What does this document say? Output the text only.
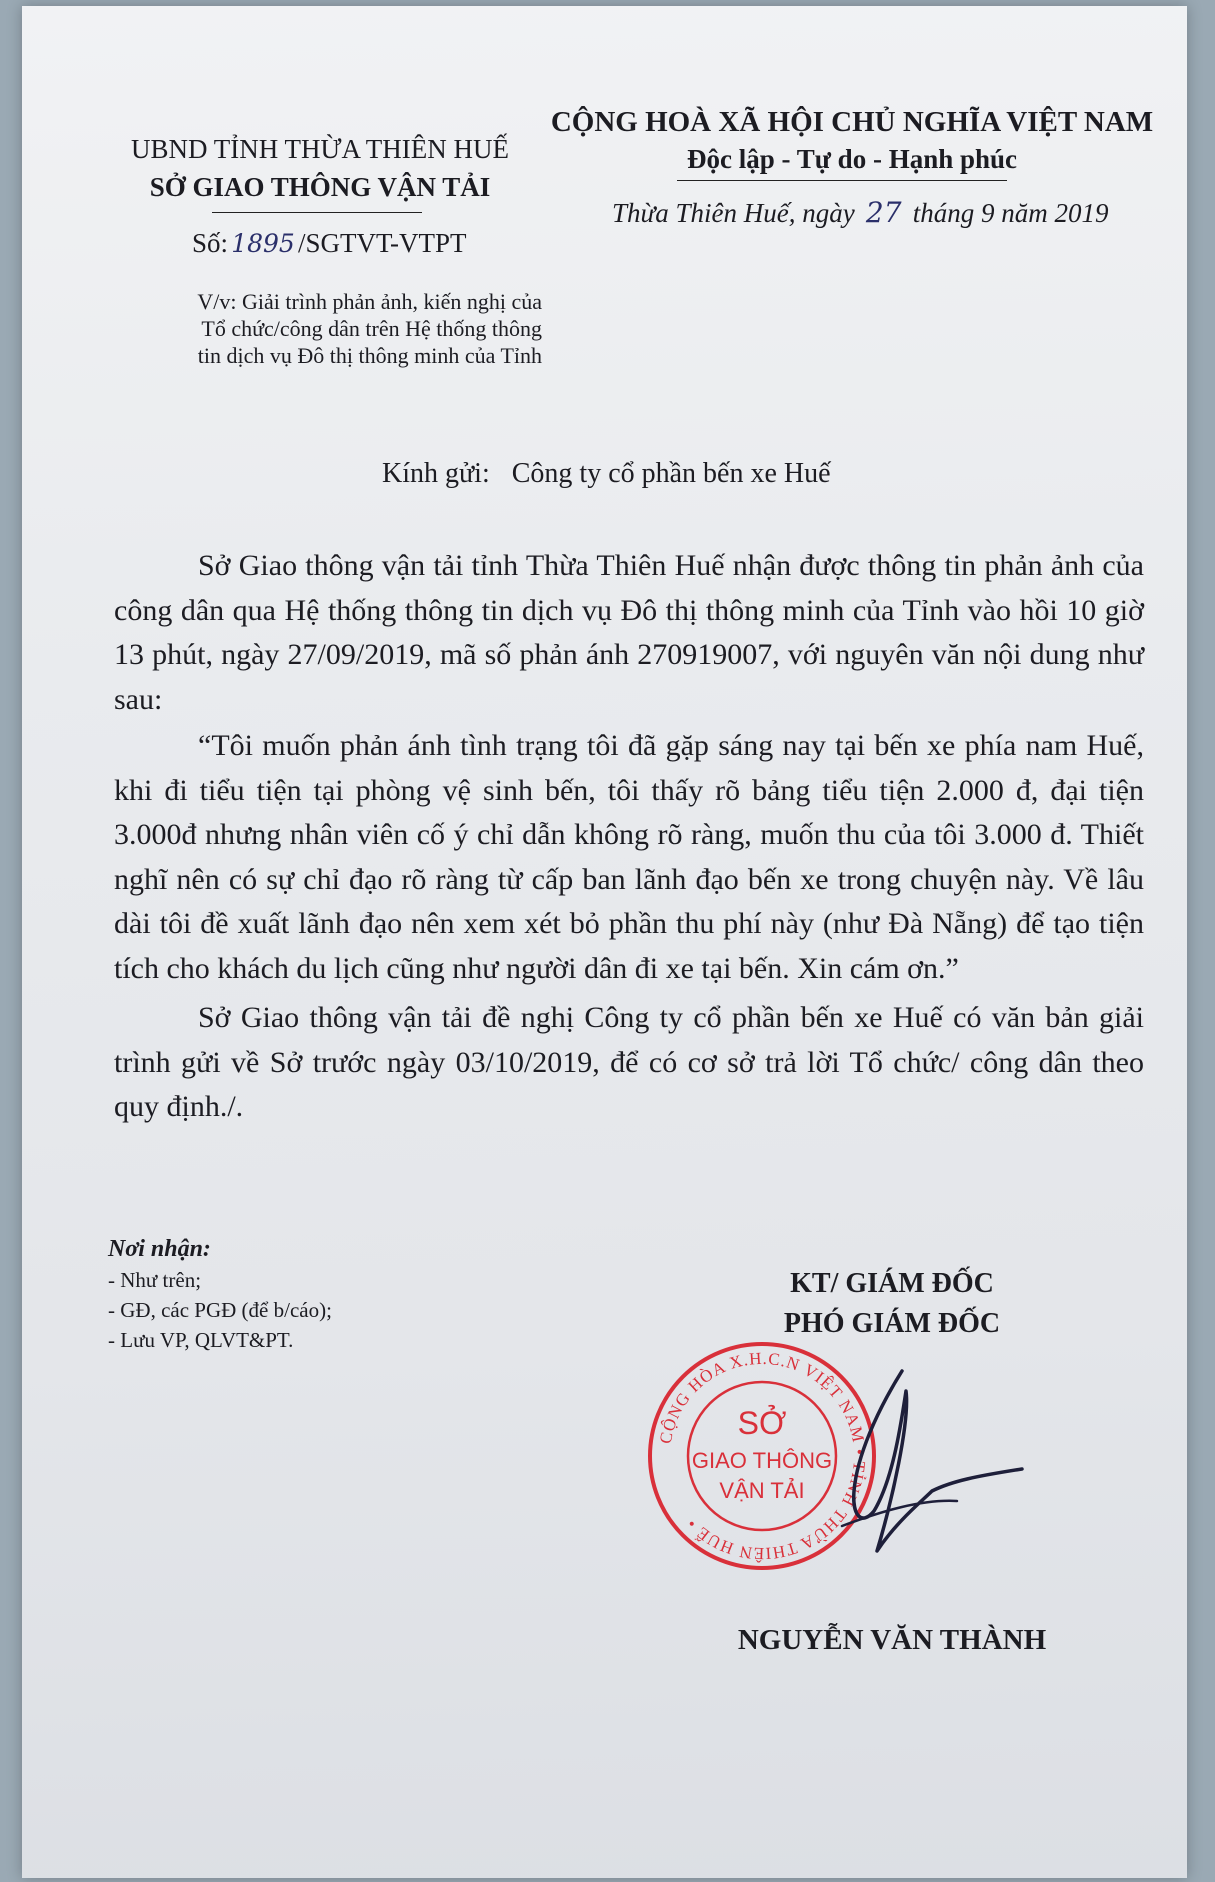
UBND TỈNH THỪA THIÊN HUẾ
SỞ GIAO THÔNG VẬN TẢI
CỘNG HOÀ XÃ HỘI CHỦ NGHĨA VIỆT NAM
Độc lập - Tự do - Hạnh phúc
Số: 1895 /SGTVT-VTPT
Thừa Thiên Huế, ngày 27 tháng 9 năm 2019
V/v: Giải trình phản ảnh, kiến nghị của
Tổ chức/công dân trên Hệ thống thông
tin dịch vụ Đô thị thông minh của Tỉnh
Kính gửi: Công ty cổ phần bến xe Huế

Sở Giao thông vận tải tỉnh Thừa Thiên Huế nhận được thông tin phản ảnh của công dân qua Hệ thống thông tin dịch vụ Đô thị thông minh của Tỉnh vào hồi 10 giờ 13 phút, ngày 27/09/2019, mã số phản ánh 270919007, với nguyên văn nội dung như sau:

“Tôi muốn phản ánh tình trạng tôi đã gặp sáng nay tại bến xe phía nam Huế, khi đi tiểu tiện tại phòng vệ sinh bến, tôi thấy rõ bảng tiểu tiện 2.000 đ, đại tiện 3.000đ nhưng nhân viên cố ý chỉ dẫn không rõ ràng, muốn thu của tôi 3.000 đ. Thiết nghĩ nên có sự chỉ đạo rõ ràng từ cấp ban lãnh đạo bến xe trong chuyện này. Về lâu dài tôi đề xuất lãnh đạo nên xem xét bỏ phần thu phí này (như Đà Nẵng) để tạo tiện tích cho khách du lịch cũng như người dân đi xe tại bến. Xin cám ơn.”

Sở Giao thông vận tải đề nghị Công ty cổ phần bến xe Huế có văn bản giải trình gửi về Sở trước ngày 03/10/2019, để có cơ sở trả lời Tổ chức/ công dân theo quy định./.

Nơi nhận:
- Như trên;
- GĐ, các PGĐ (để b/cáo);
- Lưu VP, QLVT&PT.
KT/ GIÁM ĐỐC
PHÓ GIÁM ĐỐC
CỘNG HÒA X.H.C.N VIỆT NAM • TỈNH THỪA THIÊN HUẾ •
SỞ
GIAO THÔNG
VẬN TẢI
NGUYỄN VĂN THÀNH
